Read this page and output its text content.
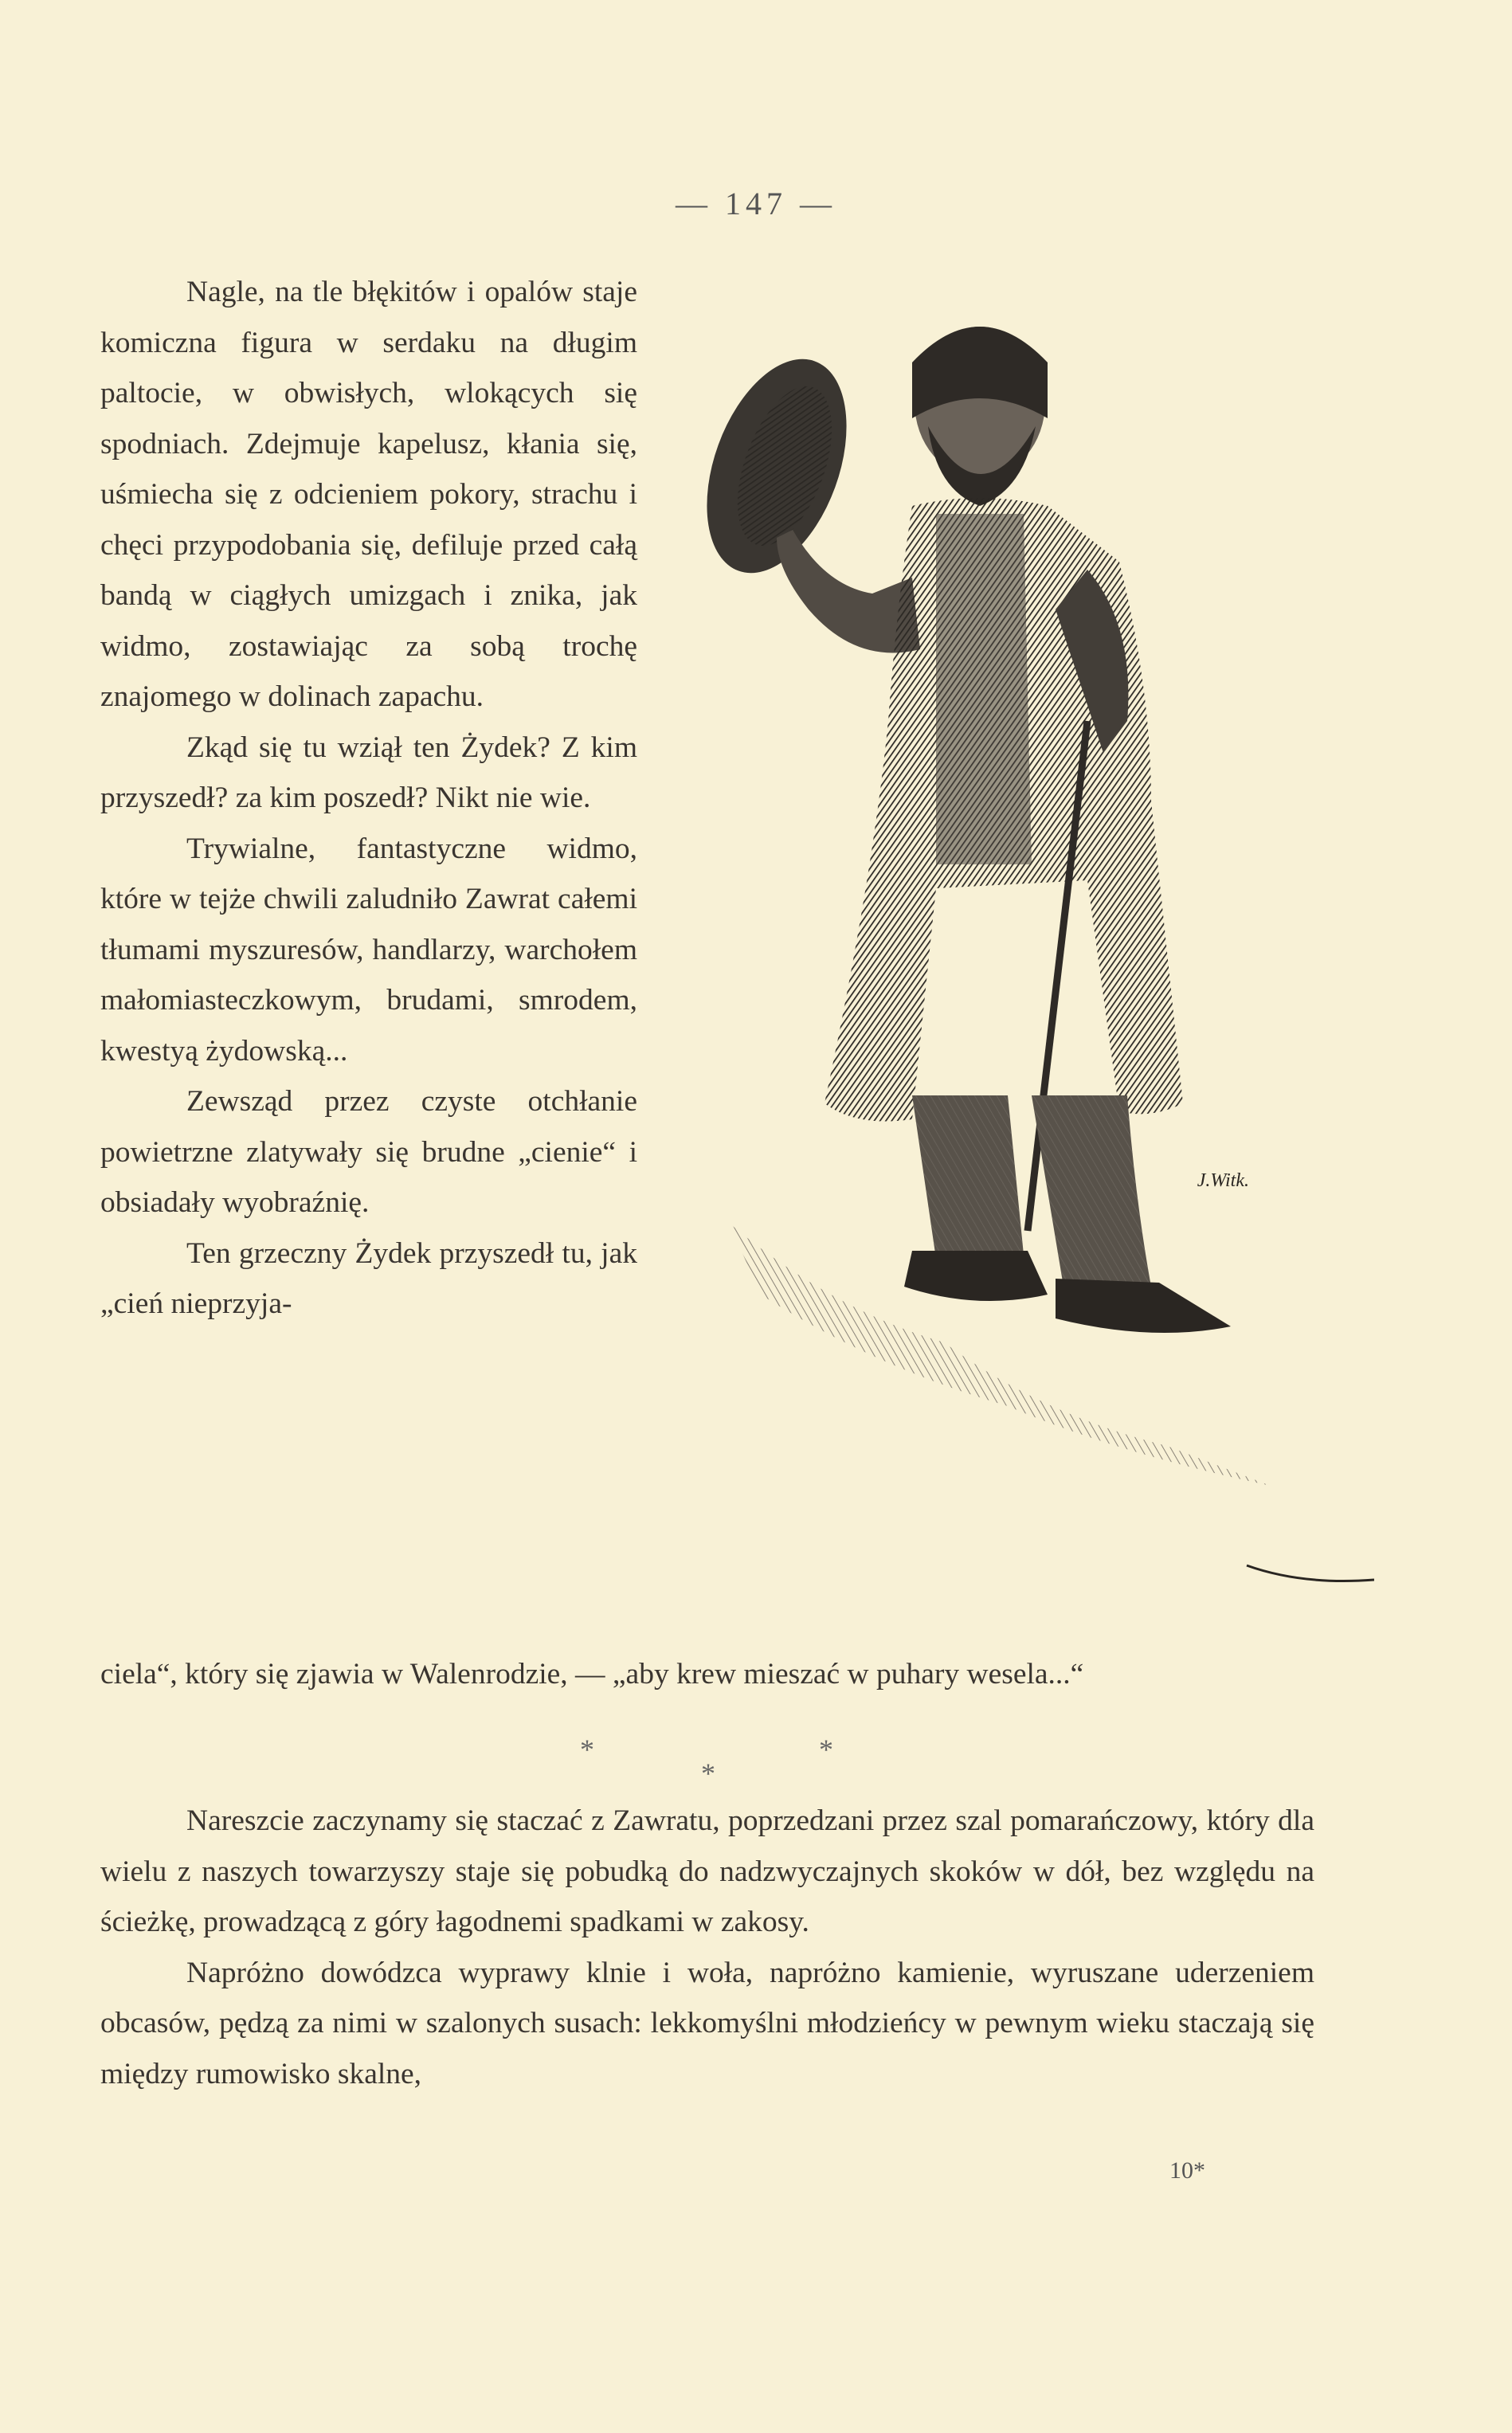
— 147 —

Nagle, na tle błękitów i opalów staje komiczna figura w serdaku na długim paltocie, w obwisłych, wlokących się spodniach. Zdejmuje kapelusz, kłania się, uśmiecha się z odcieniem pokory, strachu i chęci przypodobania się, defiluje przed całą bandą w ciągłych umizgach i znika, jak widmo, zostawiając za sobą trochę znajomego w dolinach zapachu.

Zkąd się tu wziął ten Żydek? Z kim przyszedł? za kim poszedł? Nikt nie wie.

Trywialne, fantastyczne widmo, które w tejże chwili zaludniło Zawrat całemi tłumami myszuresów, handlarzy, warchołem małomiasteczkowym, brudami, smrodem, kwestyą żydowską...

Zewsząd przez czyste otchłanie powietrzne zlatywały się brudne „cienie“ i obsiadały wyobraźnię.

Ten grzeczny Żydek przyszedł tu, jak „cień nieprzyja-

ciela“, który się zjawia w Walenrodzie, — „aby krew mieszać w puhary wesela...“

*	*
*

Nareszcie zaczynamy się staczać z Zawratu, poprzedzani przez szal pomarańczowy, który dla wielu z naszych towarzyszy staje się pobudką do nadzwyczajnych skoków w dół, bez względu na ścieżkę, prowadzącą z góry łagodnemi spadkami w zakosy.

Napróżno dowódzca wyprawy klnie i woła, napróżno kamienie, wyruszane uderzeniem obcasów, pędzą za nimi w szalonych susach: lekkomyślni młodzieńcy w pewnym wieku staczają się między rumowisko skalne,

J.Witk.
10*
